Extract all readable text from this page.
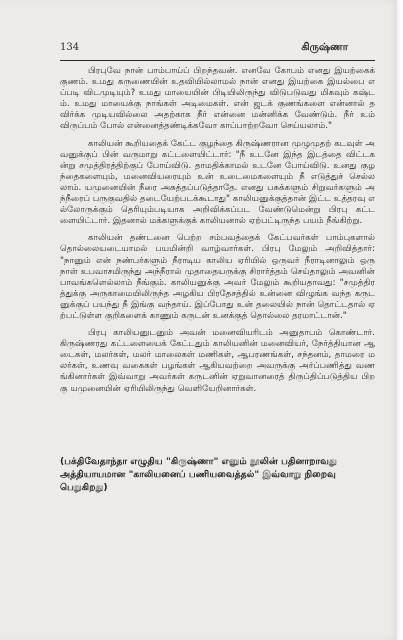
134	கிருஷ்ணா

பிரபுவே நான் பாம்பாய்ப் பிறந்தவன். எனவே கோபம் எனது இயற்கைக் குணம். உமது கருணையின் உதவியில்லாமல் நான் எனது இயற்கை இயல்பை எப்படி விடமுடியும்? உமது மாயையின் பிடியிலிருந்து விடுபடுவது மிகவும் கஷ்டம். உமது மாயைக்கு நாங்கள் அடிமைகள். என் ஜடக் குணங்களை என்னால் தவிர்க்க முடியவில்லை அதற்காக நீர் என்னை மன்னிக்க வேண்டும். நீர் உம் விருப்பம் போல் என்னைத்தண்டிக்கவோ காப்பாற்றவோ செய்யலாம்."

காலியன் கூறியதைக் கேட்ட குழந்தை கிருஷ்ணரான முழுமுதற் கடவுள் அவனுக்குப் பின் வருமாறு கட்டளையிட்டார்: "நீ உடனே இந்த இடத்தை விட்டகன்று சமுத்திரத்திற்குப் போய்விடு. தாமதிக்காமல் உடனே போய்விடு. உனது குழந்தைகளையும், மனைவியரையும் உன் உடைமைகளையும் நீ எடுத்துச் செல்லலாம். யமுனையின் நீரை அசுத்தப்படுத்தாதே. எனது பசுக்களும் சிறுவர்களும் அந்நீரைப் பருகுவதில் தடையேற்படக்கூடாது" காலியனுக்குத்தான் இட்ட உத்தரவு எல்லோருக்கும் தெரியும்படியாக அறிவிக்கப்பட வேண்டுமென்று பிரபு கட்டளையிட்டார். இதனால் மக்களுக்குக் காலியனால் ஏற்பட்டிருந்த பயம் நீங்கிற்று.

காலியன் தண்டனை பெற்ற சம்பவத்தைக் கேட்பவர்கள் பாம்புகளால் தொல்லையடையாமல் பயமின்றி வாழ்வார்கள். பிரபு மேலும் அறிவித்தார்: "நானும் என் நண்பர்களும் நீராடிய காலிய ஏரியில் ஒருவர் நீராடினாலும் ஒரு நாள் உபவாசமிருந்து அந்நீரால் முதாதையருக்கு சிரார்த்தம் செய்தாலும் அவனின் பாவங்களெல்லாம் நீங்கும். காலியனுக்கு அவர் மேலும் கூறியதாவது: "சமுத்திரத்துக்கு அருகாமையிலிருந்த அழகிய பிரதேசத்தில் உன்னை விழுங்க வந்த கருடனுக்குப் பயந்து நீ இங்கு வந்தாய். இப்போது உன் தலையில் நான் தொட்டதால் ஏற்பட்டுள்ள குறிகளைக் காணும் கருடன் உனக்குத் தொல்லை தரமாட்டான்."

பிரபு காலியனுடனும் அவன் மனைவியரிடம் அனுதாபம் கொண்டார். கிருஷ்ணரது கட்டளையைக் கேட்டதும் காலியனின் மனைவியர், நேர்த்தியான ஆடைகள், மலர்கள், மலர் மாலைகள் மணிகள், ஆபரணங்கள், சந்தனம், தாமரை மலர்கள், உணவு வகைகள் பழங்கள் ஆகியவற்றை அவருக்கு அர்ப்பணித்து வணங்கினார்கள் இவ்வாறு அவர்கள் கருடனின் ஏறுவானரைத் திருப்திப்படுத்திய பிறகு யமுனையின் ஏரியிலிருந்து வெளியேறினார்கள்.

(பக்திவேதாந்தா எழுதிய "கிருஷ்ணா" எனும் நூலின் பதினாறாவது அத்தியாயமான "காலியனைப் பணியவைத்தல்" இவ்வாறு நிறைவு பெறுகிறது)
